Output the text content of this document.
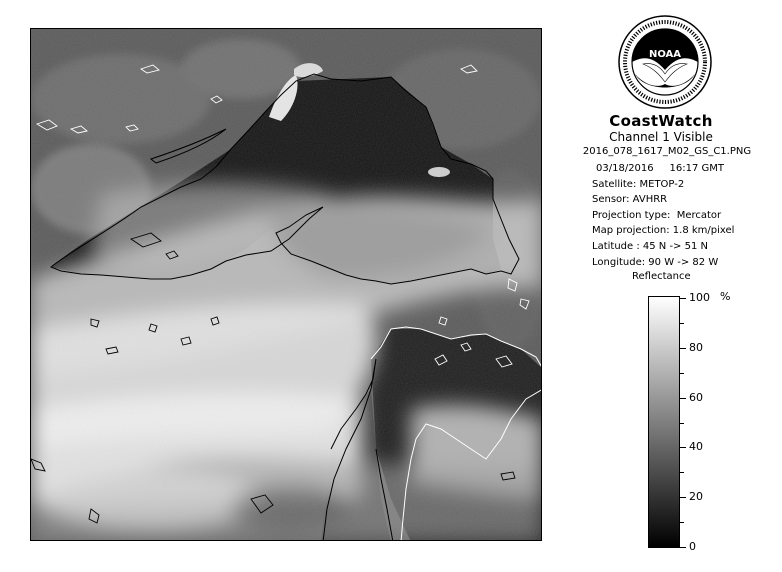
NOAA
CoastWatch
Channel 1 Visible
2016_078_1617_M02_GS_C1.PNG
03/18/2016 16:17 GMT
Satellite: METOP-2
Sensor: AVHRR
Projection type:  Mercator
Map projection: 1.8 km/pixel
Latitude : 45 N -> 51 N
Longitude: 90 W -> 82 W
Reflectance
%
100
80
60
40
20
0
